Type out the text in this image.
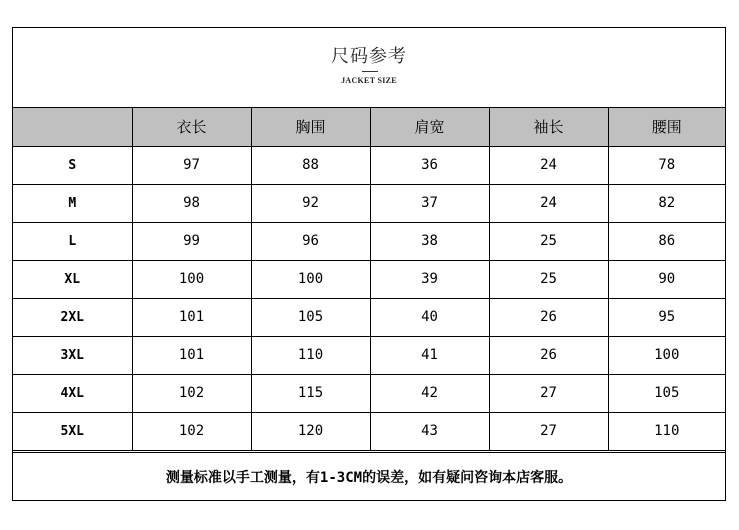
尺码参考
JACKET SIZE
	衣长	胸围	肩宽	袖长	腰围
S	97	88	36	24	78
M	98	92	37	24	82
L	99	96	38	25	86
XL	100	100	39	25	90
2XL	101	105	40	26	95
3XL	101	110	41	26	100
4XL	102	115	42	27	105
5XL	102	120	43	27	110
测量标准以手工测量，有1-3CM的误差，如有疑问咨询本店客服。
